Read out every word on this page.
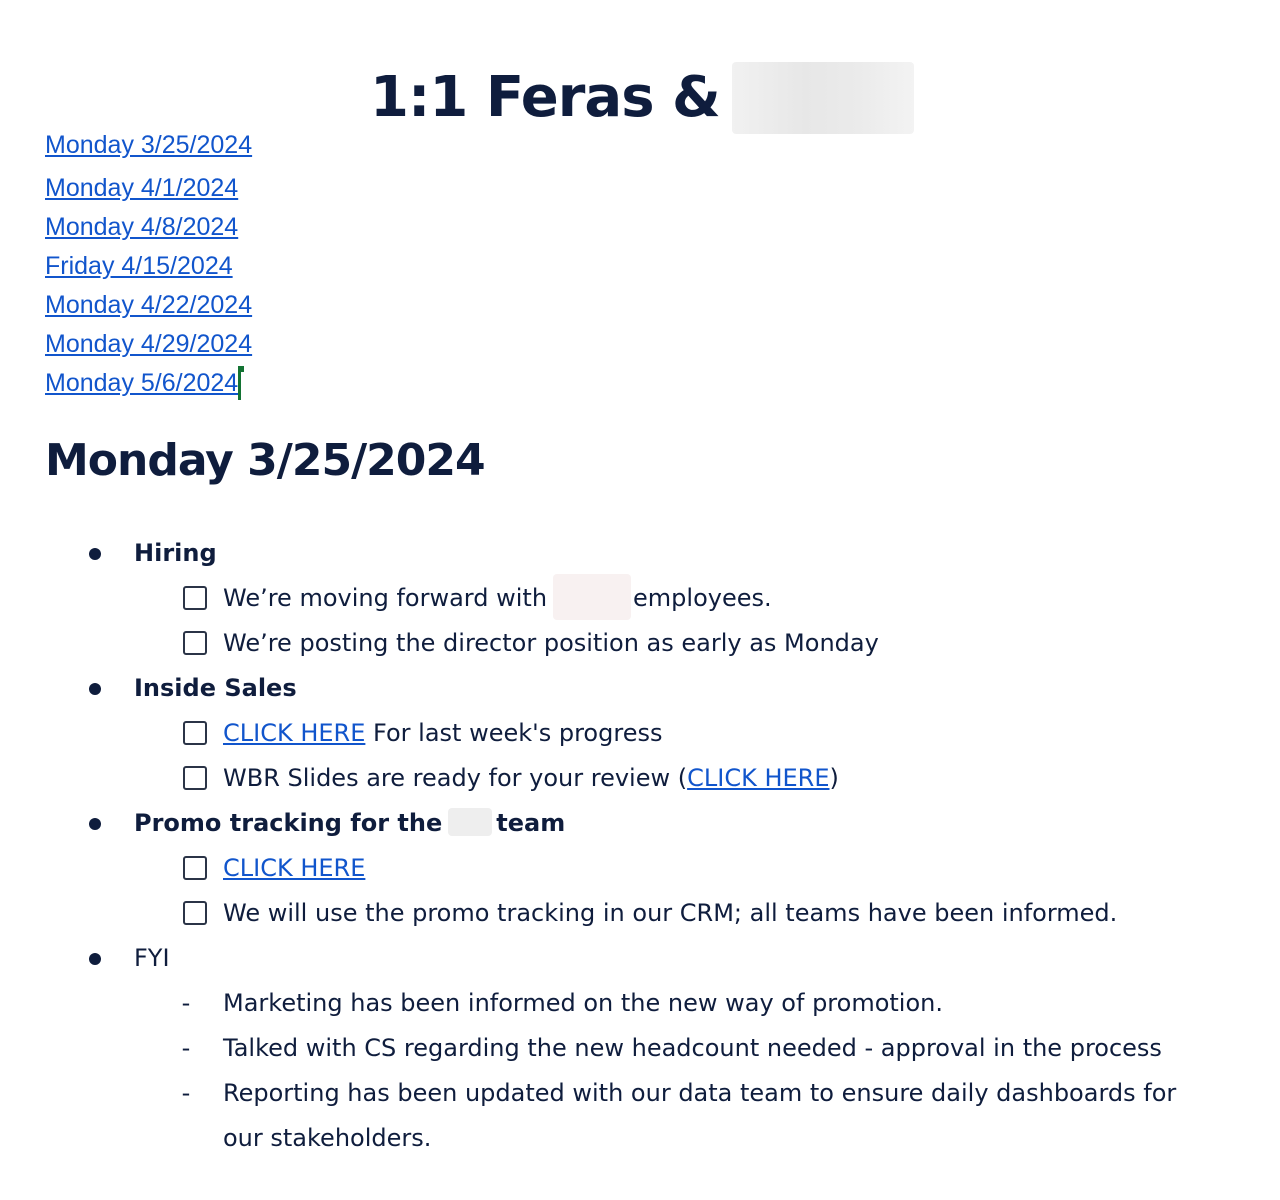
1:1 Feras &
Monday 3/25/2024
Monday 4/1/2024
Monday 4/8/2024
Friday 4/15/2024
Monday 4/22/2024
Monday 4/29/2024
Monday 5/6/2024
Monday 3/25/2024
Hiring
We’re moving forward with	employees.
We’re posting the director position as early as Monday
Inside Sales
CLICK HERE For last week's progress
WBR Slides are ready for your review (CLICK HERE)
Promo tracking for the team
CLICK HERE
We will use the promo tracking in our CRM; all teams have been informed.
FYI
- Marketing has been informed on the new way of promotion.
- Talked with CS regarding the new headcount needed - approval in the process
- Reporting has been updated with our data team to ensure daily dashboards for our stakeholders.
